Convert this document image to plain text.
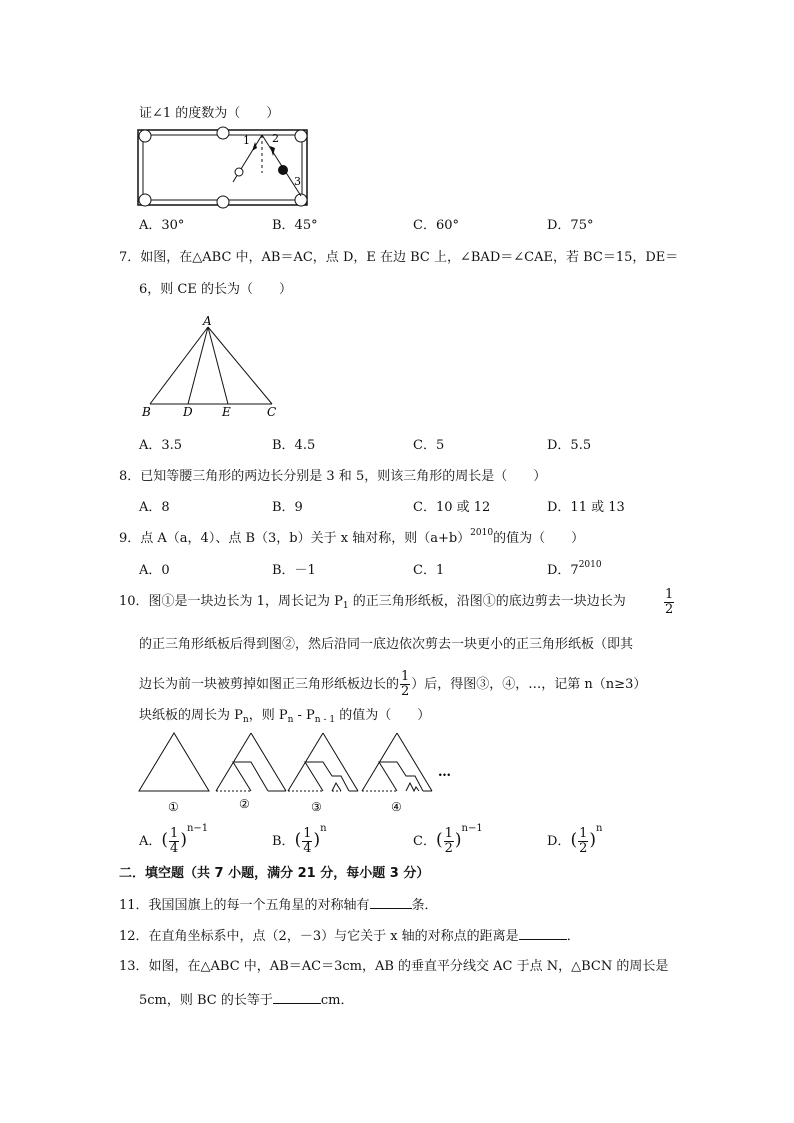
证∠1 的度数为（　　）
1 2
3
A．30°	B．45°	C．60°	D．75°
7．如图，在△ABC 中，AB＝AC，点 D，E 在边 BC 上，∠BAD＝∠CAE，若 BC＝15，DE＝
6，则 CE 的长为（　　）
A
B	D E	C
A．3.5	B．4.5	C．5	D．5.5
8．已知等腰三角形的两边长分别是 3 和 5，则该三角形的周长是（　　）
A．8	B．9	C．10 或 12	D．11 或 13
9．点 A（a，4）、点 B（3，b）关于 x 轴对称，则$(a+b)^{2010}$的值为（　　）
A．0	B．－1	C．1	D．$7^{2010}$
10．图①是一块边长为 1，周长记为 $P_1$ 的正三角形纸板，沿图①的底边剪去一块边长为	$\frac{1}{2}$
的正三角形纸板后得到图②，然后沿同一底边依次剪去一块更小的正三角形纸板（即其
边长为前一块被剪掉如图正三角形纸板边长的 $\frac{1}{2}$ ）后，得图③，④，…，记第 n（n≥3）
块纸板的周长为 $P_n$，则 $P_n - P_{n - 1}$ 的值为（　　）
①	②	③	④
…
A．( $\frac{1}{4} )^{n-1}$
B．( $\frac{1}{4} )^n$
C．( $\frac{1}{2} )^{n-1}$
D．( $\frac{1}{2} )^n$
二．填空题（共 7 小题，满分 21 分，每小题 3 分）
11．我国国旗上的每一个五角星的对称轴有	条．
12．在直角坐标系中，点（2，－3）与它关于 x 轴的对称点的距离是	．
13．如图，在△ABC 中，AB＝AC＝3cm，AB 的垂直平分线交 AC 于点 N，△BCN 的周长是
5cm，则 BC 的长等于	cm．
